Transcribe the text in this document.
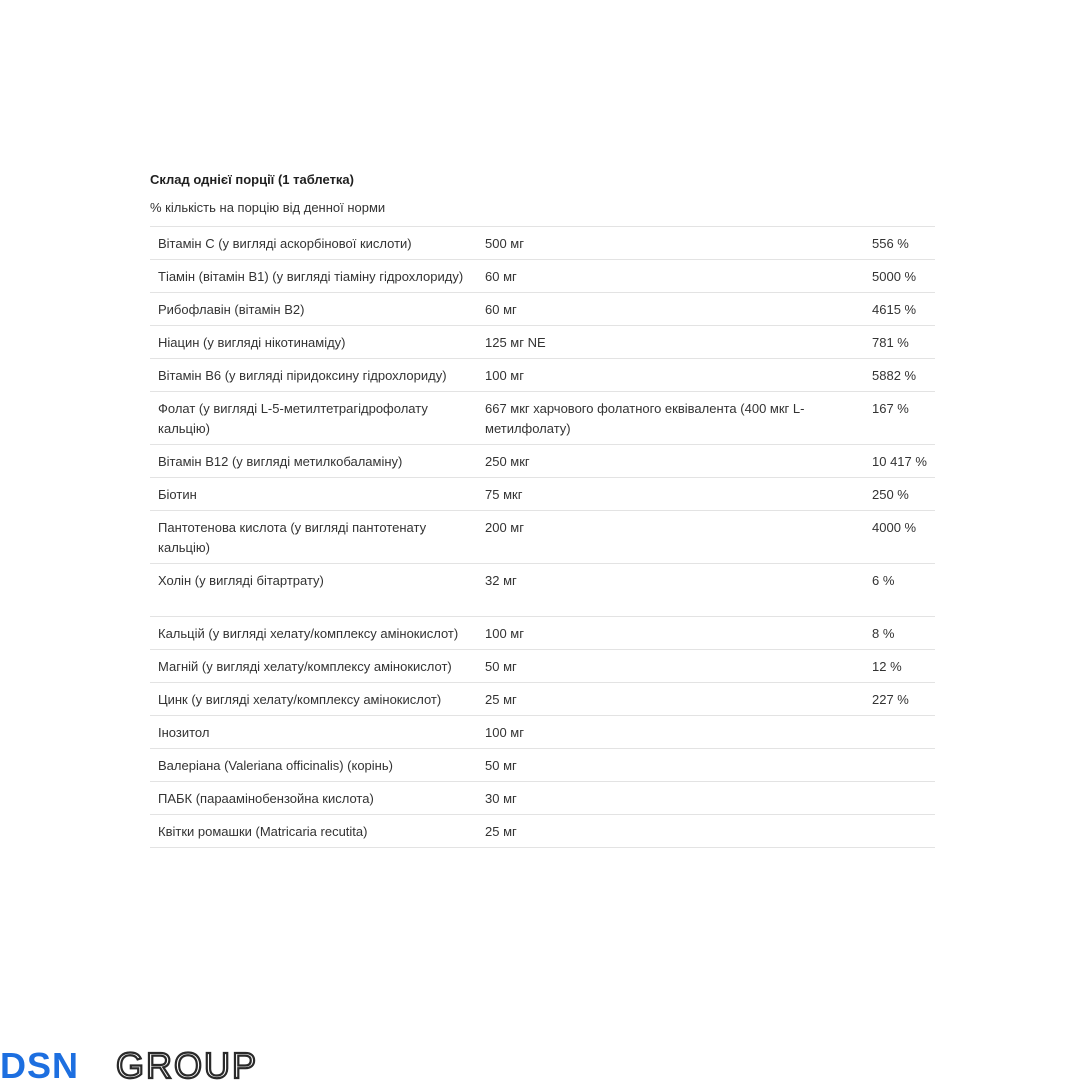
Склад однієї порції (1 таблетка)
% кількість на порцію від денної норми
Вітамін C (у вигляді аскорбінової кислоти)	500 мг	556 %
Тіамін (вітамін B1) (у вигляді тіаміну гідрохлориду)	60 мг	5000 %
Рибофлавін (вітамін B2)	60 мг	4615 %
Ніацин (у вигляді нікотинаміду)	125 мг NE	781 %
Вітамін B6 (у вигляді піридоксину гідрохлориду)	100 мг	5882 %
Фолат (у вигляді L-5-метилтетрагідрофолату кальцію)	667 мкг харчового фолатного еквівалента (400 мкг L-метилфолату)	167 %
Вітамін B12 (у вигляді метилкобаламіну)	250 мкг	10 417 %
Біотин	75 мкг	250 %
Пантотенова кислота (у вигляді пантотенату кальцію)	200 мг	4000 %
Холін (у вигляді бітартрату)	32 мг	6 %
Кальцій (у вигляді хелату/комплексу амінокислот)	100 мг	8 %
Магній (у вигляді хелату/комплексу амінокислот)	50 мг	12 %
Цинк (у вигляді хелату/комплексу амінокислот)	25 мг	227 %
Інозитол	100 мг	
Валеріана (Valeriana officinalis) (корінь)	50 мг	
ПАБК (параамінобензойна кислота)	30 мг	
Квітки ромашки (Matricaria recutita)	25 мг	
DSN GROUP
